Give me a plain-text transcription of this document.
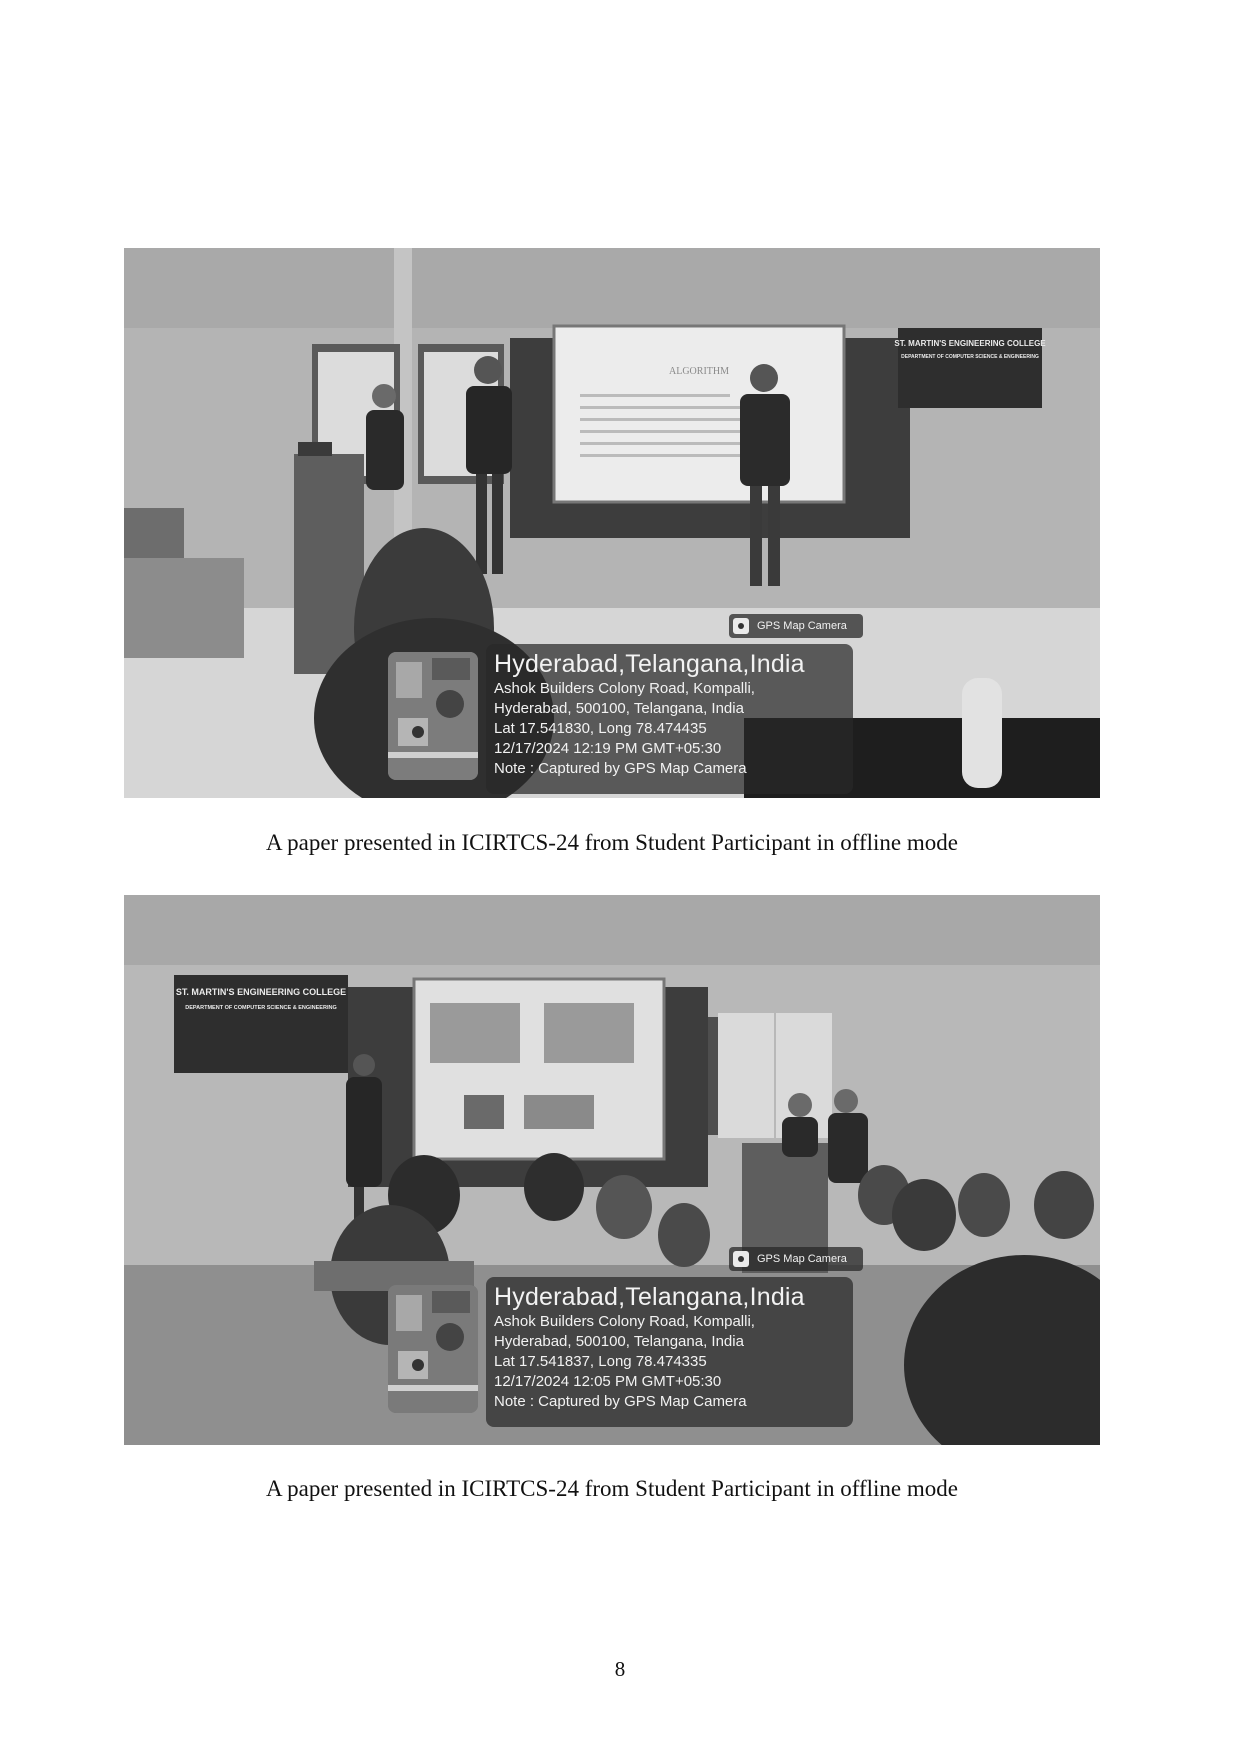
ALGORITHM
ST. MARTIN'S ENGINEERING COLLEGE
DEPARTMENT OF COMPUTER SCIENCE & ENGINEERING
GPS Map Camera
Hyderabad,Telangana,India
Ashok Builders Colony Road, Kompalli,
Hyderabad, 500100, Telangana, India
Lat 17.541830, Long 78.474435
12/17/2024 12:19 PM GMT+05:30
Note : Captured by GPS Map Camera
A paper presented in ICIRTCS-24 from Student Participant in offline mode
ST. MARTIN'S ENGINEERING COLLEGE
DEPARTMENT OF COMPUTER SCIENCE & ENGINEERING
GPS Map Camera
Hyderabad,Telangana,India
Ashok Builders Colony Road, Kompalli,
Hyderabad, 500100, Telangana, India
Lat 17.541837, Long 78.474335
12/17/2024 12:05 PM GMT+05:30
Note : Captured by GPS Map Camera
A paper presented in ICIRTCS-24 from Student Participant in offline mode
8
